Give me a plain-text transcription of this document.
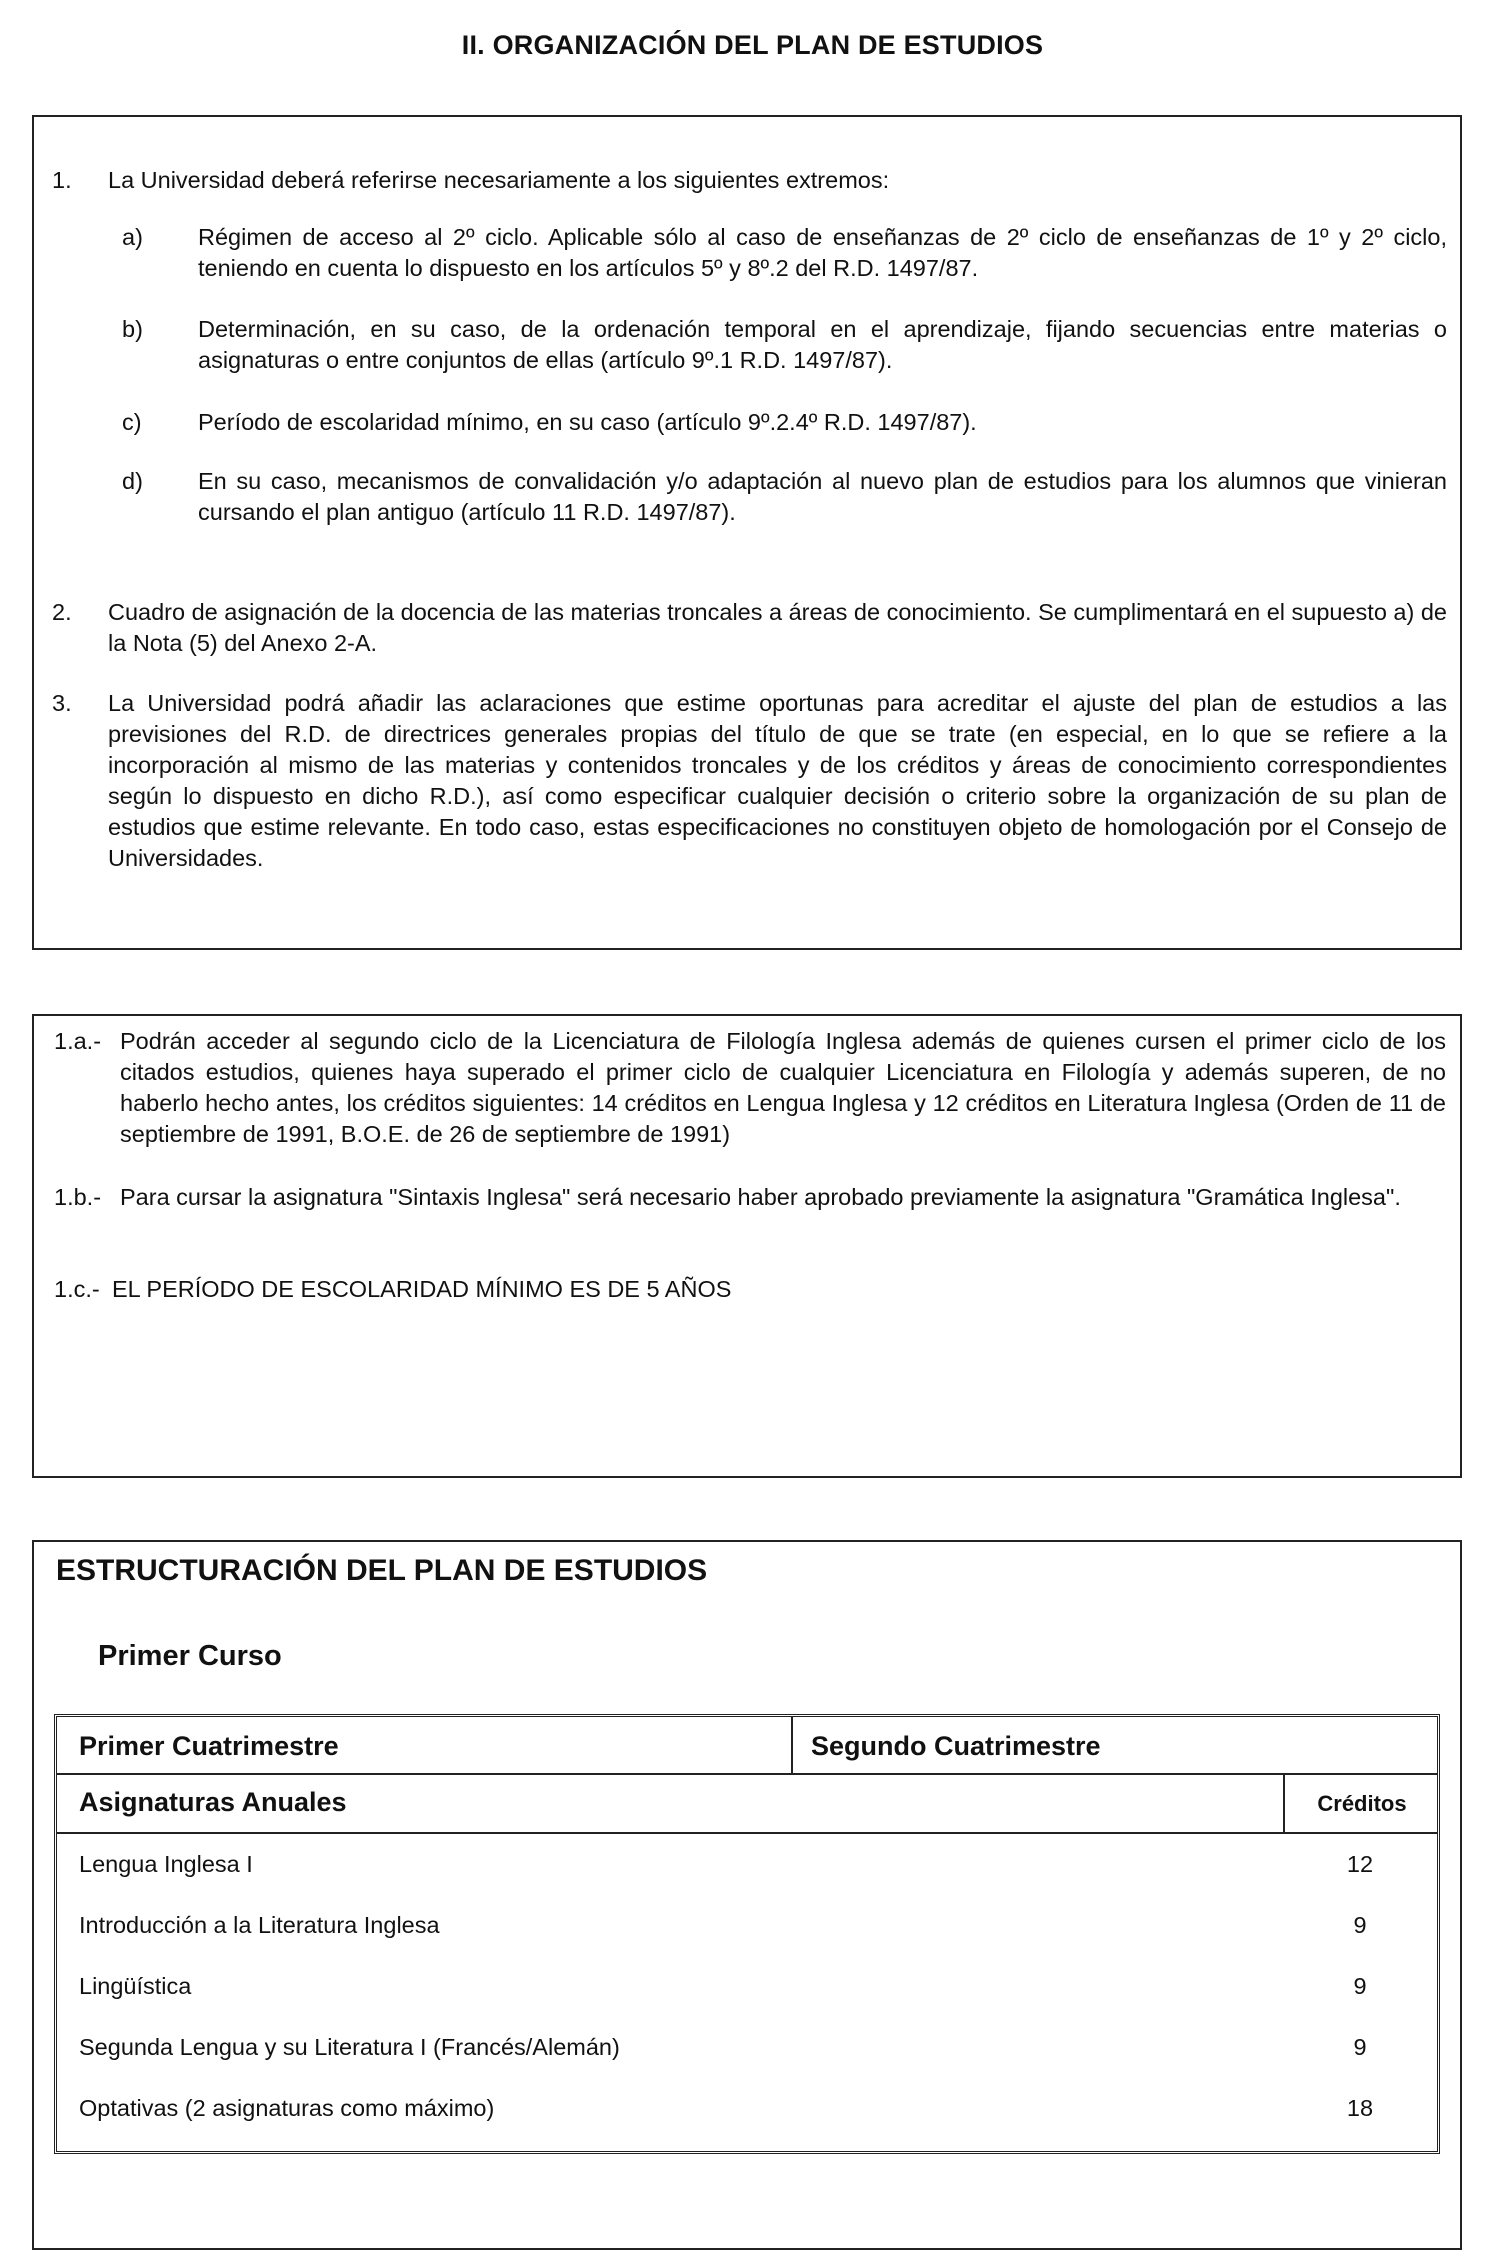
II. ORGANIZACIÓN DEL PLAN DE ESTUDIOS
1. La Universidad deberá referirse necesariamente a los siguientes extremos:
a) Régimen de acceso al 2º ciclo. Aplicable sólo al caso de enseñanzas de 2º ciclo de enseñanzas de 1º y 2º ciclo, teniendo en cuenta lo dispuesto en los artículos 5º y 8º.2 del R.D. 1497/87.
b) Determinación, en su caso, de la ordenación temporal en el aprendizaje, fijando secuencias entre materias o asignaturas o entre conjuntos de ellas (artículo 9º.1 R.D. 1497/87).
c) Período de escolaridad mínimo, en su caso (artículo 9º.2.4º R.D. 1497/87).
d) En su caso, mecanismos de convalidación y/o adaptación al nuevo plan de estudios para los alumnos que vinieran cursando el plan antiguo (artículo 11 R.D. 1497/87).
2. Cuadro de asignación de la docencia de las materias troncales a áreas de conocimiento. Se cumplimentará en el supuesto a) de la Nota (5) del Anexo 2-A.
3. La Universidad podrá añadir las aclaraciones que estime oportunas para acreditar el ajuste del plan de estudios a las previsiones del R.D. de directrices generales propias del título de que se trate (en especial, en lo que se refiere a la incorporación al mismo de las materias y contenidos troncales y de los créditos y áreas de conocimiento correspondientes según lo dispuesto en dicho R.D.), así como especificar cualquier decisión o criterio sobre la organización de su plan de estudios que estime relevante. En todo caso, estas especificaciones no constituyen objeto de homologación por el Consejo de Universidades.
1.a.- Podrán acceder al segundo ciclo de la Licenciatura de Filología Inglesa además de quienes cursen el primer ciclo de los citados estudios, quienes haya superado el primer ciclo de cualquier Licenciatura en Filología y además superen, de no haberlo hecho antes, los créditos siguientes: 14 créditos en Lengua Inglesa y 12 créditos en Literatura Inglesa (Orden de 11 de septiembre de 1991, B.O.E. de 26 de septiembre de 1991)
1.b.- Para cursar la asignatura "Sintaxis Inglesa" será necesario haber aprobado previamente la asignatura "Gramática Inglesa".
1.c.- EL PERÍODO DE ESCOLARIDAD MÍNIMO ES DE 5 AÑOS
ESTRUCTURACIÓN DEL PLAN DE ESTUDIOS
Primer Curso
Primer Cuatrimestre	Segundo Cuatrimestre
Asignaturas Anuales	Créditos
Lengua Inglesa I	12
Introducción a la Literatura Inglesa	9
Lingüística	9
Segunda Lengua y su Literatura I (Francés/Alemán)	9
Optativas (2 asignaturas como máximo)	18
